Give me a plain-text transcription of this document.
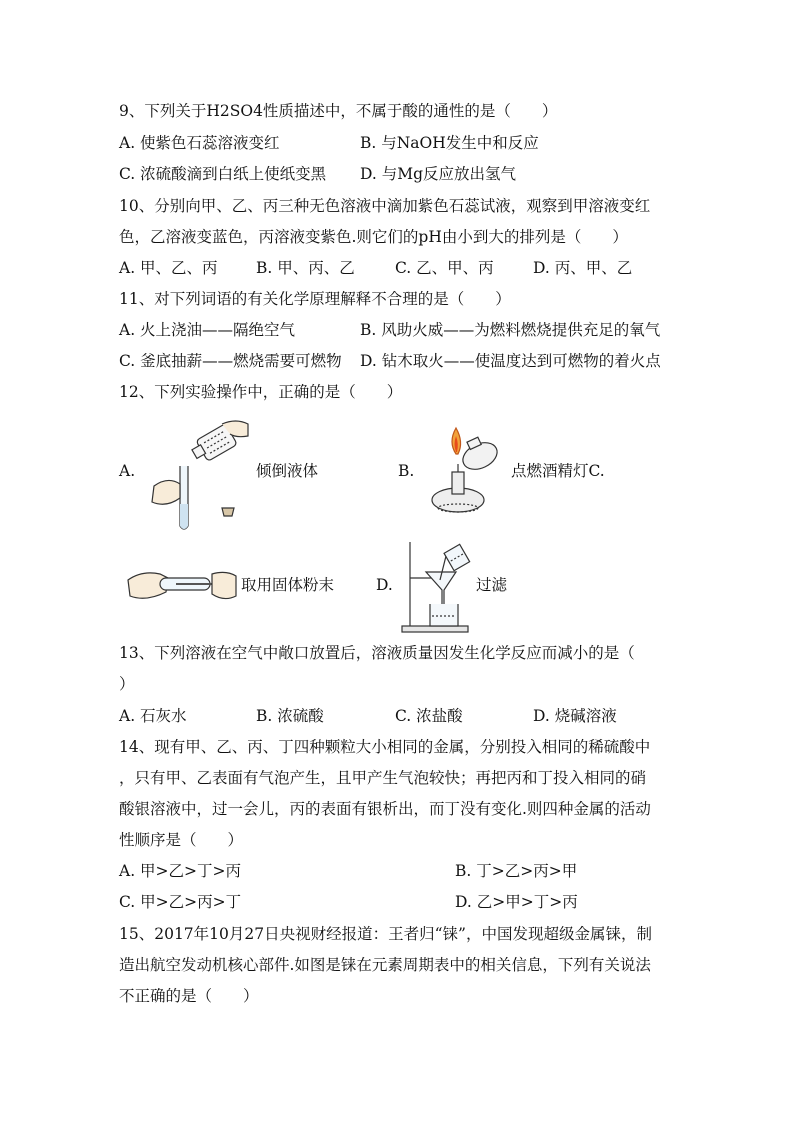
9、下列关于H2SO4性质描述中，不属于酸的通性的是（　　）
A. 使紫色石蕊溶液变红	B. 与NaOH发生中和反应
C. 浓硫酸滴到白纸上使纸变黑 D. 与Mg反应放出氢气
10、分别向甲、乙、丙三种无色溶液中滴加紫色石蕊试液，观察到甲溶液变红
色，乙溶液变蓝色，丙溶液变紫色.则它们的pH由小到大的排列是（　　）
A. 甲、乙、丙 B. 甲、丙、乙	C. 乙、甲、丙	D. 丙、甲、乙
11、对下列词语的有关化学原理解释不合理的是（　　）
A. 火上浇油——隔绝空气	B. 风助火威——为燃料燃烧提供充足的氧气
C. 釜底抽薪——燃烧需要可燃物 D. 钻木取火——使温度达到可燃物的着火点
12、下列实验操作中，正确的是（　　）
A.	倾倒液体	B.	点燃酒精灯C.
取用固体粉末	D.	过滤
13、下列溶液在空气中敞口放置后，溶液质量因发生化学反应而减小的是（
）
A. 石灰水	B. 浓硫酸	C. 浓盐酸	D. 烧碱溶液
14、现有甲、乙、丙、丁四种颗粒大小相同的金属，分别投入相同的稀硫酸中
，只有甲、乙表面有气泡产生，且甲产生气泡较快；再把丙和丁投入相同的硝
酸银溶液中，过一会儿，丙的表面有银析出，而丁没有变化.则四种金属的活动
性顺序是（　　）
A. 甲>乙>丁>丙	B. 丁>乙>丙>甲
C. 甲>乙>丙>丁	D. 乙>甲>丁>丙
15、2017年10月27日央视财经报道：王者归“铼”，中国发现超级金属铼，制
造出航空发动机核心部件.如图是铼在元素周期表中的相关信息，下列有关说法
不正确的是（　　）
